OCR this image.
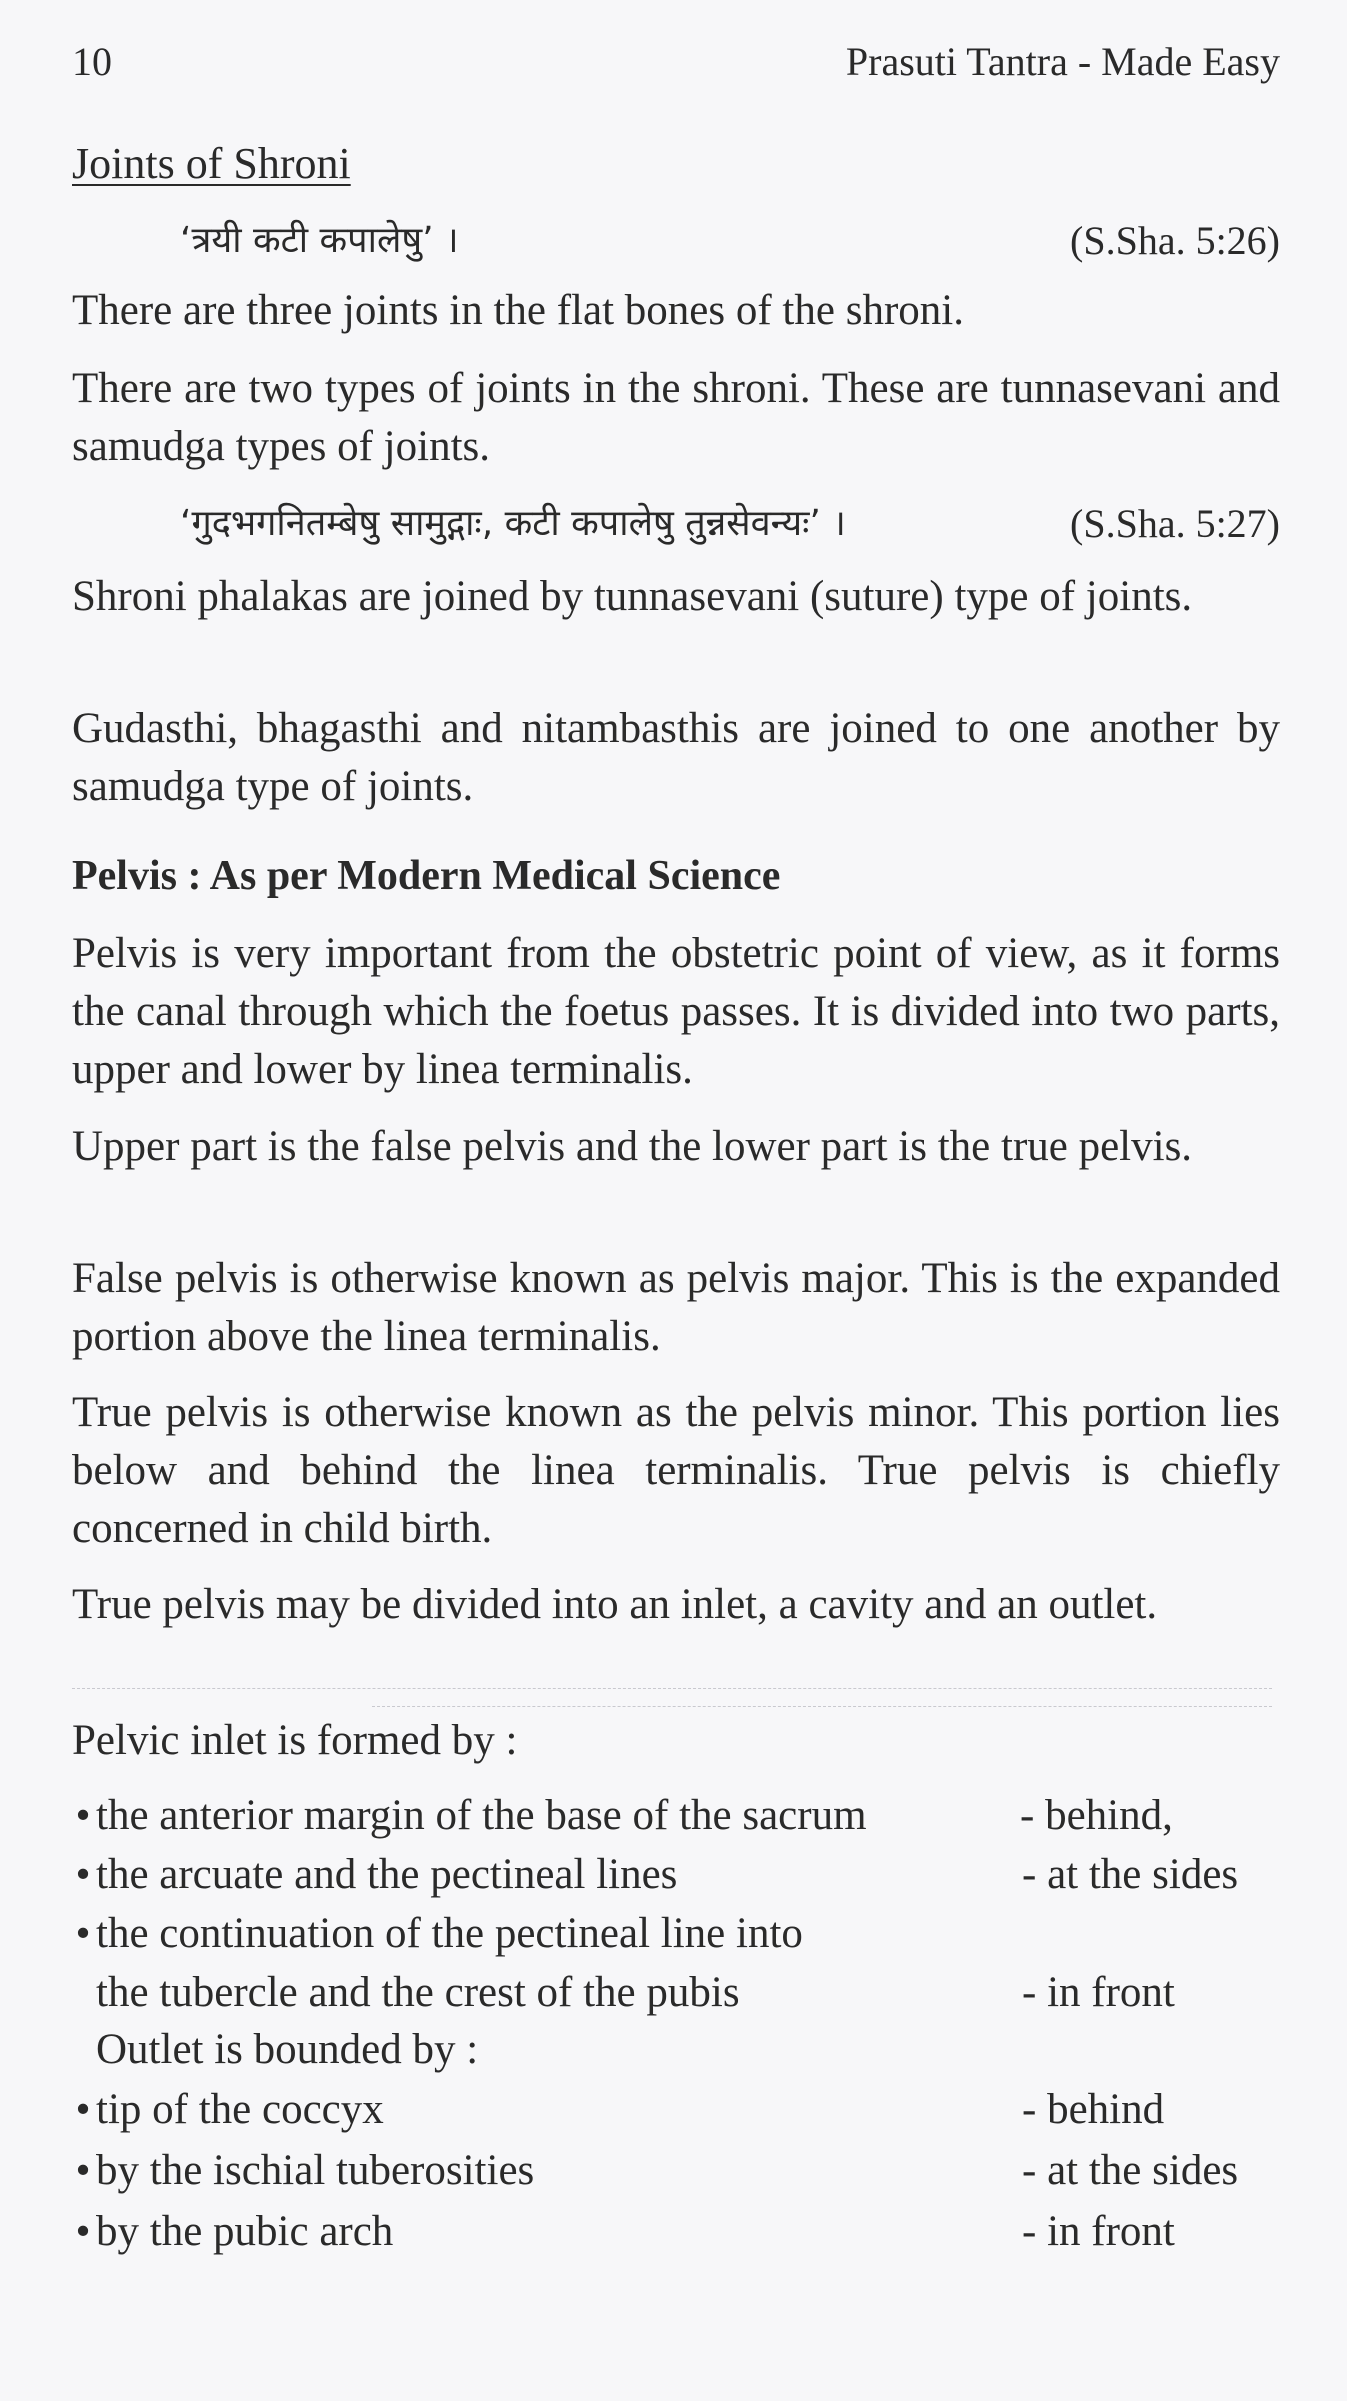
10	Prasuti Tantra - Made Easy
Joints of Shroni
‘त्रयी कटी कपालेषु’ ।	(S.Sha. 5:26)

There are three joints in the flat bones of the shroni.

There are two types of joints in the shroni. These are tunnasevani and samudga types of joints.

‘गुदभगनितम्बेषु सामुद्गाः, कटी कपालेषु तुन्नसेवन्यः’ ।	(S.Sha. 5:27)

Shroni phalakas are joined by tunnasevani (suture) type of joints.

Gudasthi, bhagasthi and nitambasthis are joined to one another by samudga type of joints.

Pelvis : As per Modern Medical Science

Pelvis is very important from the obstetric point of view, as it forms the canal through which the foetus passes. It is divided into two parts, upper and lower by linea terminalis.

Upper part is the false pelvis and the lower part is the true pelvis.

False pelvis is otherwise known as pelvis major. This is the expanded portion above the linea terminalis.

True pelvis is otherwise known as the pelvis minor. This portion lies below and behind the linea terminalis. True pelvis is chiefly concerned in child birth.

True pelvis may be divided into an inlet, a cavity and an outlet.

Pelvic inlet is formed by :
• the anterior margin of the base of the sacrum	- behind,
• the arcuate and the pectineal lines	- at the sides
• the continuation of the pectineal line into
the tubercle and the crest of the pubis	- in front
Outlet is bounded by :
• tip of the coccyx	- behind
• by the ischial tuberosities	- at the sides
• by the pubic arch	- in front
